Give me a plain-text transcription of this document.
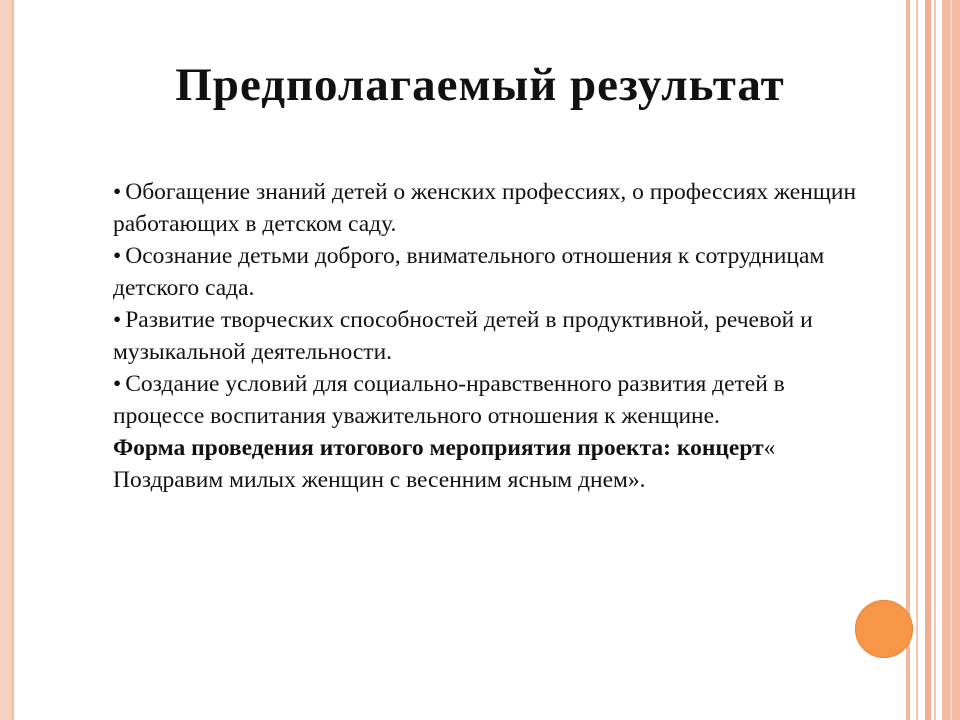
Предполагаемый результат

• Обогащение знаний детей о женских профессиях, о профессиях женщин работающих в детском саду.

• Осознание детьми доброго, внимательного отношения к сотрудницам детского сада.

• Развитие творческих способностей детей в продуктивной, речевой и музыкальной деятельности.

• Создание условий для социально-нравственного развития детей в процессе воспитания уважительного отношения к женщине.

Форма проведения итогового мероприятия проекта: концерт« Поздравим милых женщин с весенним ясным днем».
